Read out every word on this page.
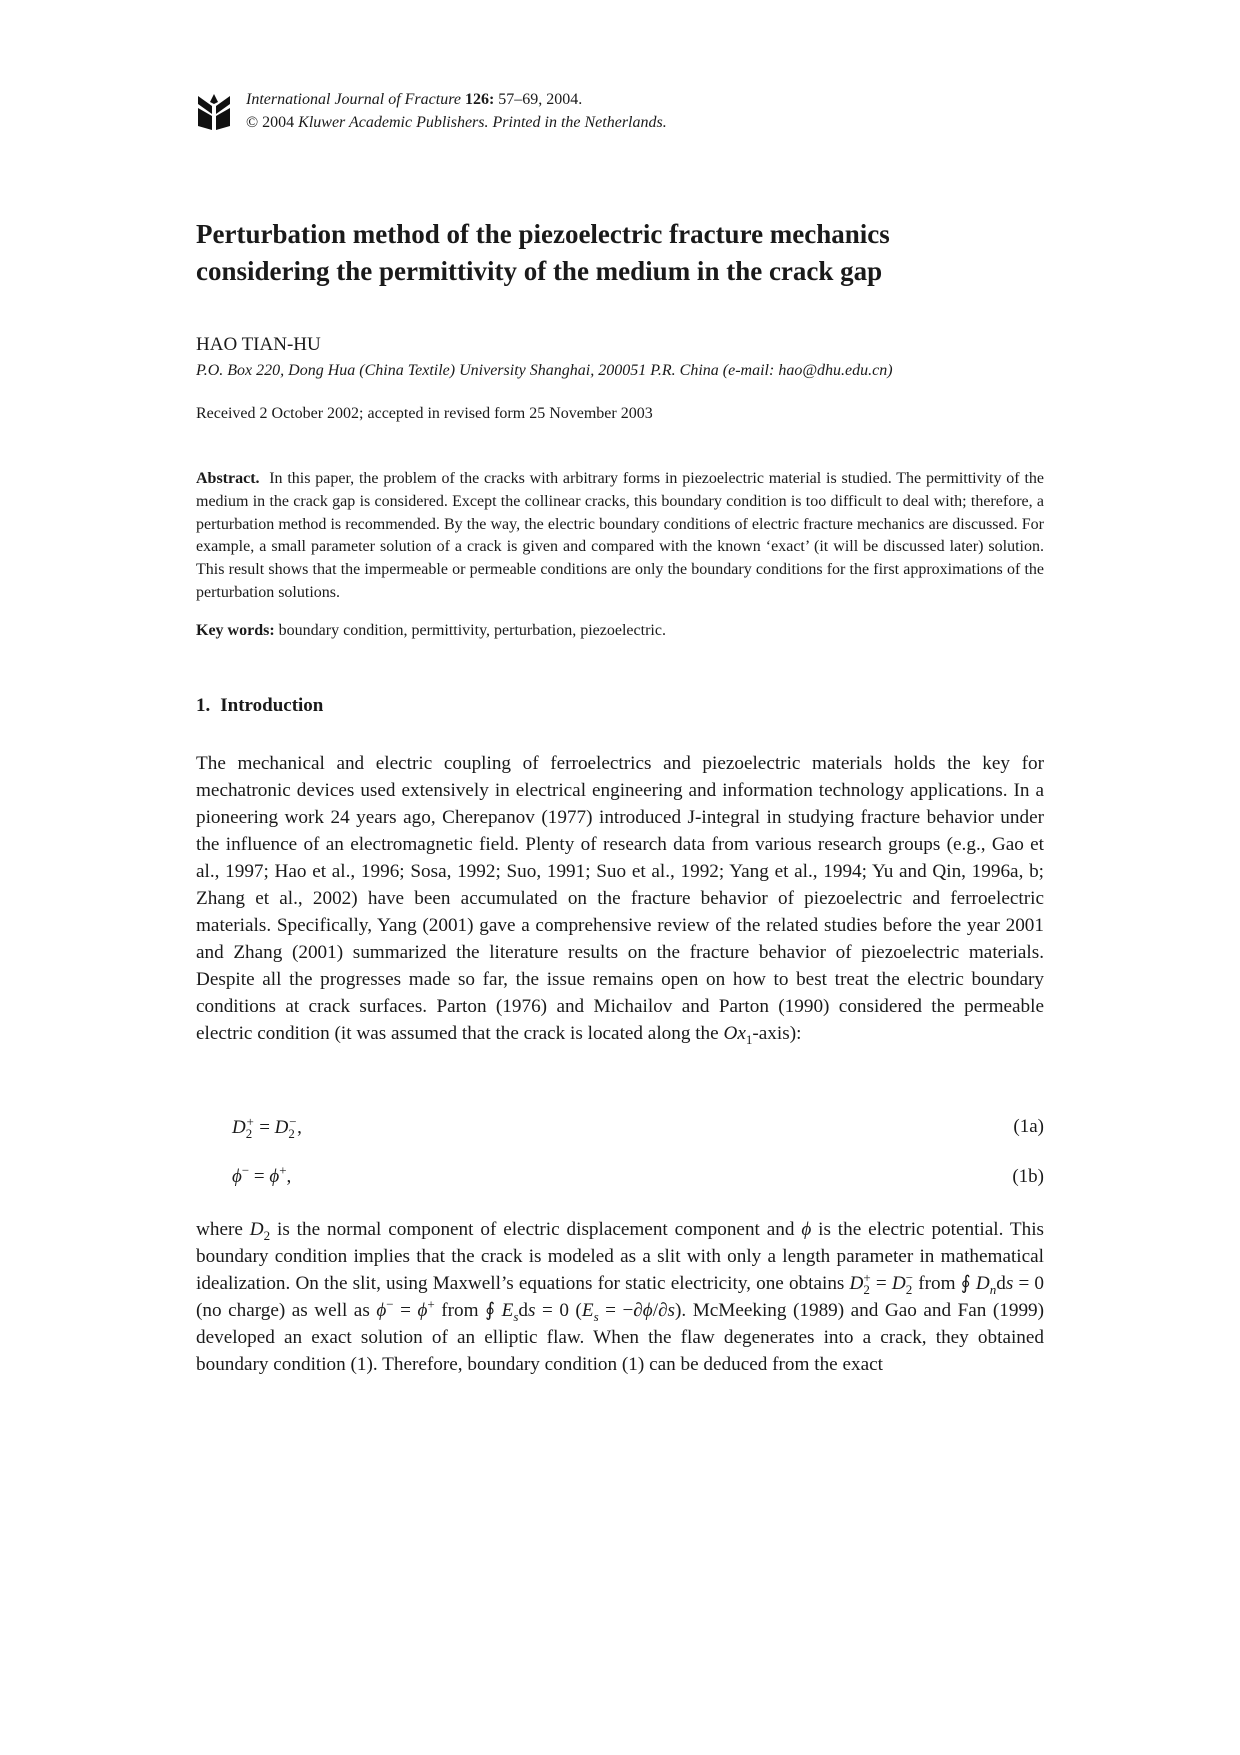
International Journal of Fracture 126: 57–69, 2004.
© 2004 Kluwer Academic Publishers. Printed in the Netherlands.
Perturbation method of the piezoelectric fracture mechanics
considering the permittivity of the medium in the crack gap
HAO TIAN-HU
P.O. Box 220, Dong Hua (China Textile) University Shanghai, 200051 P.R. China (e-mail: hao@dhu.edu.cn)
Received 2 October 2002; accepted in revised form 25 November 2003

Abstract. In this paper, the problem of the cracks with arbitrary forms in piezoelectric material is studied. The permittivity of the medium in the crack gap is considered. Except the collinear cracks, this boundary condition is too difficult to deal with; therefore, a perturbation method is recommended. By the way, the electric boundary conditions of electric fracture mechanics are discussed. For example, a small parameter solution of a crack is given and compared with the known ‘exact’ (it will be discussed later) solution. This result shows that the impermeable or permeable conditions are only the boundary conditions for the first approximations of the perturbation solutions.

Key words: boundary condition, permittivity, perturbation, piezoelectric.

1. Introduction

The mechanical and electric coupling of ferroelectrics and piezoelectric materials holds the key for mechatronic devices used extensively in electrical engineering and information technology applications. In a pioneering work 24 years ago, Cherepanov (1977) introduced J-integral in studying fracture behavior under the influence of an electromagnetic field. Plenty of research data from various research groups (e.g., Gao et al., 1997; Hao et al., 1996; Sosa, 1992; Suo, 1991; Suo et al., 1992; Yang et al., 1994; Yu and Qin, 1996a, b; Zhang et al., 2002) have been accumulated on the fracture behavior of piezoelectric and ferroelectric materials. Specifically, Yang (2001) gave a comprehensive review of the related studies before the year 2001 and Zhang (2001) summarized the literature results on the fracture behavior of piezoelectric materials. Despite all the progresses made so far, the issue remains open on how to best treat the electric boundary conditions at crack surfaces. Parton (1976) and Michailov and Parton (1990) considered the permeable electric condition (it was assumed that the crack is located along the $Ox_1-axis$):

D +
2 = D −
2 ,	(1a)
ϕ− = ϕ+,	(1b)

where $D_2$ is the normal component of electric displacement component and ϕ is the electric potential. This boundary condition implies that the crack is modeled as a slit with only a length parameter in mathematical idealization. On the slit, using Maxwell’s equations for static electricity, one obtains D +
2 = D −
2 from ∮ $D_nds = 0$ (no charge) as well as ϕ− = ϕ+ from ∮ $E_sds = 0$ $(E_s = -\partial\phi/\partial s)$. McMeeking (1989) and Gao and Fan (1999) developed an exact solution of an elliptic flaw. When the flaw degenerates into a crack, they obtained boundary condition (1). Therefore, boundary condition (1) can be deduced from the exact
